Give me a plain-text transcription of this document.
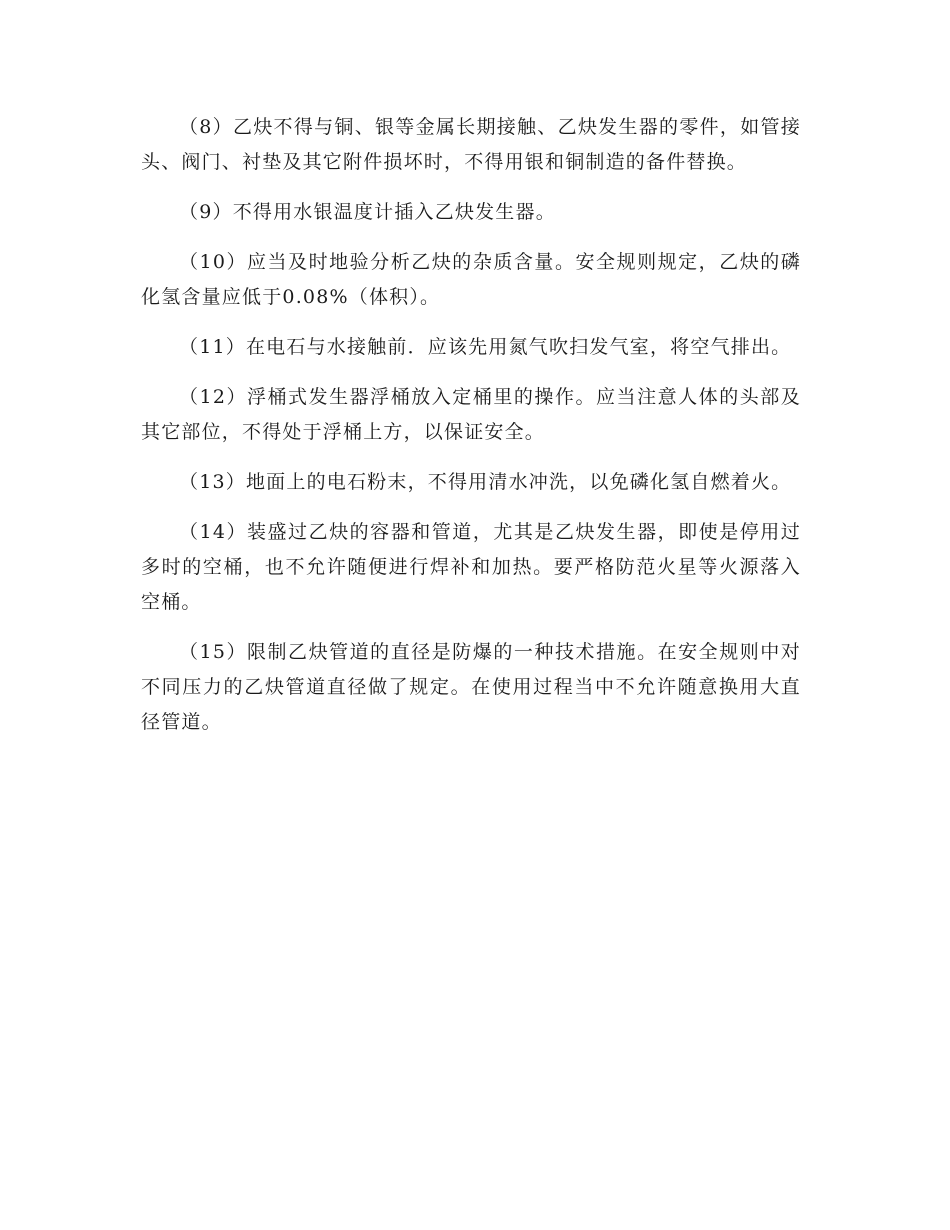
（8）乙炔不得与铜、银等金属长期接触、乙炔发生器的零件，如管接头、阀门、衬垫及其它附件损坏时，不得用银和铜制造的备件替换。

（9）不得用水银温度计插入乙炔发生器。

（10）应当及时地验分析乙炔的杂质含量。安全规则规定，乙炔的磷化氢含量应低于0.08%（体积）。

（11）在电石与水接触前．应该先用氮气吹扫发气室，将空气排出。

（12）浮桶式发生器浮桶放入定桶里的操作。应当注意人体的头部及其它部位，不得处于浮桶上方，以保证安全。

（13）地面上的电石粉末，不得用清水冲洗，以免磷化氢自燃着火。

（14）装盛过乙炔的容器和管道，尤其是乙炔发生器，即使是停用过多时的空桶，也不允许随便进行焊补和加热。要严格防范火星等火源落入空桶。

（15）限制乙炔管道的直径是防爆的一种技术措施。在安全规则中对不同压力的乙炔管道直径做了规定。在使用过程当中不允许随意换用大直径管道。
